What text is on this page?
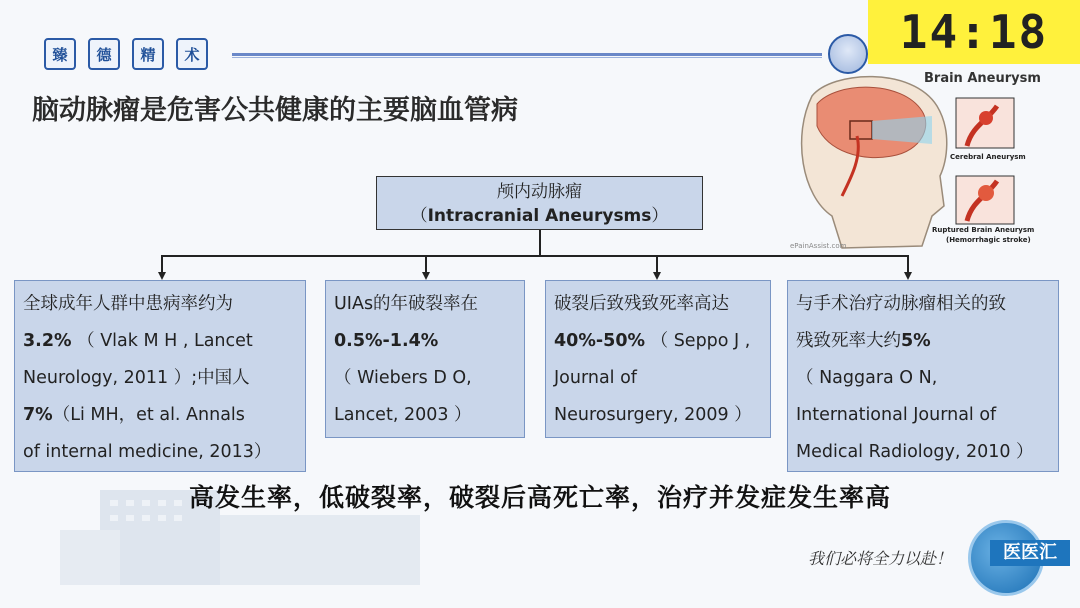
臻	德	精	术	14:18
脑动脉瘤是危害公共健康的主要脑血管病
Cerebral Aneurysm
Ruptured Brain Aneurysm
(Hemorrhagic stroke)
ePainAssist.com
Brain Aneurysm
颅内动脉瘤
（Intracranial Aneurysms）
全球成年人群中患病率约为
3.2% （ Vlak M H , Lancet
Neurology, 2011 ）;中国人
7%（Li MH，et al. Annals
of internal medicine, 2013）
UIAs的年破裂率在
0.5%-1.4%
（ Wiebers D O,
Lancet, 2003 ）
破裂后致残致死率高达
40%-50% （ Seppo J ,
Journal of
Neurosurgery, 2009 ）
与手术治疗动脉瘤相关的致
残致死率大约5%
（ Naggara O N,
International Journal of
Medical Radiology, 2010 ）
高发生率，低破裂率，破裂后高死亡率，治疗并发症发生率高
我们必将全力以赴！	医医汇
